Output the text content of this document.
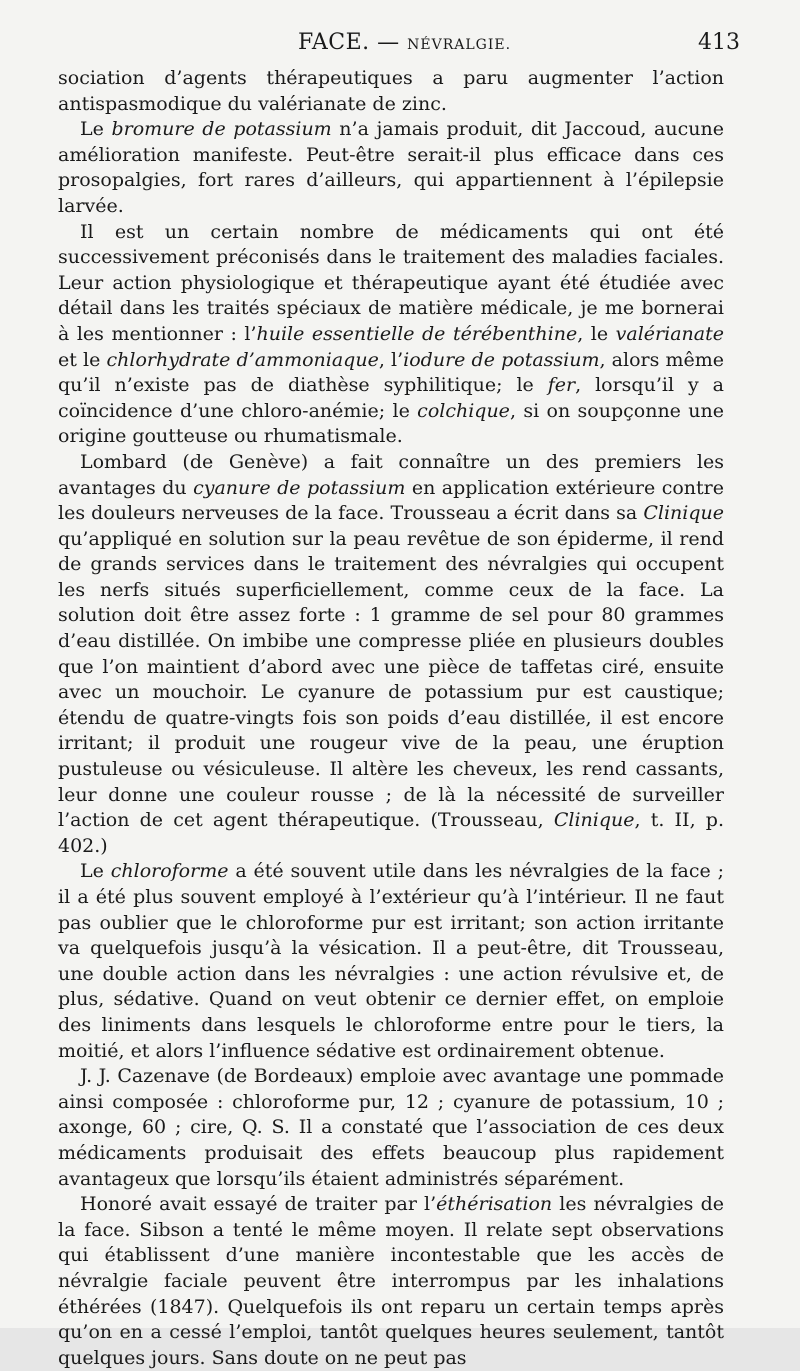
FACE. — NÉVRALGIE.	413

sociation d’agents thérapeutiques a paru augmenter l’action antispasmodique du valérianate de zinc.

Le bromure de potassium n’a jamais produit, dit Jaccoud, aucune amélioration manifeste. Peut-être serait-il plus efficace dans ces prosopalgies, fort rares d’ailleurs, qui appartiennent à l’épilepsie larvée.

Il est un certain nombre de médicaments qui ont été successivement préconisés dans le traitement des maladies faciales. Leur action physiologique et thérapeutique ayant été étudiée avec détail dans les traités spéciaux de matière médicale, je me bornerai à les mentionner : l’huile essentielle de térébenthine, le valérianate et le chlorhydrate d’ammoniaque, l’iodure de potassium, alors même qu’il n’existe pas de diathèse syphilitique; le fer, lorsqu’il y a coïncidence d’une chloro-anémie; le colchique, si on soupçonne une origine goutteuse ou rhumatismale.

Lombard (de Genève) a fait connaître un des premiers les avantages du cyanure de potassium en application extérieure contre les douleurs nerveuses de la face. Trousseau a écrit dans sa Clinique qu’appliqué en solution sur la peau revêtue de son épiderme, il rend de grands services dans le traitement des névralgies qui occupent les nerfs situés superficiellement, comme ceux de la face. La solution doit être assez forte : 1 gramme de sel pour 80 grammes d’eau distillée. On imbibe une compresse pliée en plusieurs doubles que l’on maintient d’abord avec une pièce de taffetas ciré, ensuite avec un mouchoir. Le cyanure de potassium pur est caustique; étendu de quatre-vingts fois son poids d’eau distillée, il est encore irritant; il produit une rougeur vive de la peau, une éruption pustuleuse ou vésiculeuse. Il altère les cheveux, les rend cassants, leur donne une couleur rousse ; de là la nécessité de surveiller l’action de cet agent thérapeutique. (Trousseau, Clinique, t. II, p. 402.)

Le chloroforme a été souvent utile dans les névralgies de la face ; il a été plus souvent employé à l’extérieur qu’à l’intérieur. Il ne faut pas oublier que le chloroforme pur est irritant; son action irritante va quelquefois jusqu’à la vésication. Il a peut-être, dit Trousseau, une double action dans les névralgies : une action révulsive et, de plus, sédative. Quand on veut obtenir ce dernier effet, on emploie des liniments dans lesquels le chloroforme entre pour le tiers, la moitié, et alors l’influence sédative est ordinairement obtenue.

J. J. Cazenave (de Bordeaux) emploie avec avantage une pommade ainsi composée : chloroforme pur, 12 ; cyanure de potassium, 10 ; axonge, 60 ; cire, Q. S. Il a constaté que l’association de ces deux médicaments produisait des effets beaucoup plus rapidement avantageux que lorsqu’ils étaient administrés séparément.

Honoré avait essayé de traiter par l’éthérisation les névralgies de la face. Sibson a tenté le même moyen. Il relate sept observations qui établissent d’une manière incontestable que les accès de névralgie faciale peuvent être interrompus par les inhalations éthérées (1847). Quelquefois ils ont reparu un certain temps après qu’on en a cessé l’emploi, tantôt quelques heures seulement, tantôt quelques jours. Sans doute on ne peut pas
